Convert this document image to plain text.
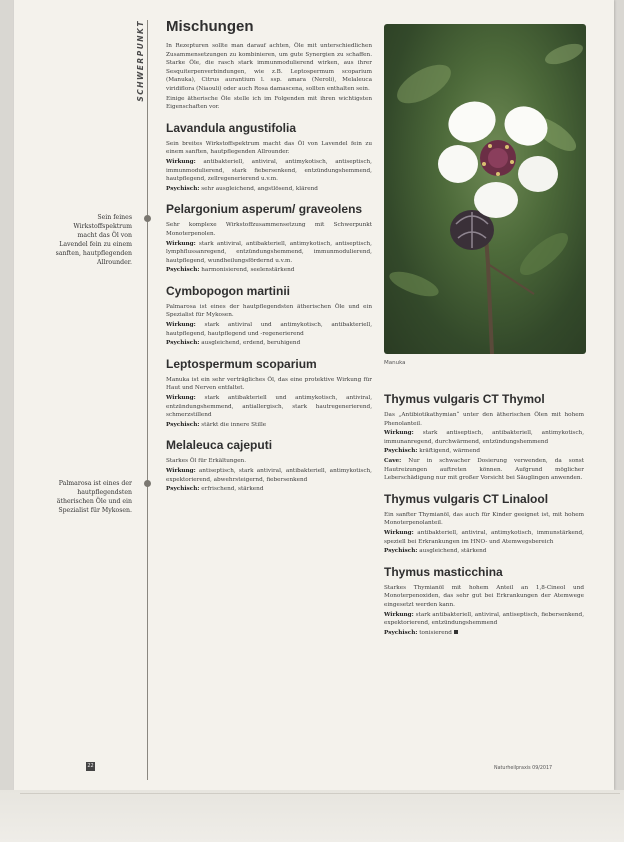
SCHWERPUNKT
Sein feines Wirkstoffspektrum macht das Öl von Lavendel fein zu einem sanften, hautpflegenden Allrounder.
Palmarosa ist eines der hautpflegendsten ätherischen Öle und ein Spezialist für Mykosen.
Mischungen

In Rezepturen sollte man darauf achten, Öle mit unterschiedlichen Zusammensetzungen zu kombinieren, um gute Synergien zu schaffen. Starke Öle, die rasch stark immunmodulierend wirken, aus ihrer Sesquiterpenverbindungen, wie z.B. Leptospermum scoparium (Manuka), Citrus aurantium l. ssp. amara (Neroli), Melaleuca viridiflora (Niaouli) oder auch Rosa damascena, sollten enthalten sein.

Einige ätherische Öle stelle ich im Folgenden mit ihren wichtigsten Eigenschaften vor.

Lavandula angustifolia

Sein breites Wirkstoffspektrum macht das Öl von Lavendel fein zu einem sanften, hautpflegenden Allrounder.

Wirkung: antibakteriell, antiviral, antimykotisch, antiseptisch, immunmodulierend, stark fiebersenkend, entzündungshemmend, hautpflegend, zellregenerierend u.v.m.

Psychisch: sehr ausgleichend, angstlösend, klärend

Pelargonium asperum/ graveolens

Sehr komplexe Wirkstoffzusammensetzung mit Schwerpunkt Monoterpenolen.

Wirkung: stark antiviral, antibakteriell, antimykotisch, antiseptisch, lymphflussanregend, entzündungshemmend, immunmodulierend, hautpflegend, wundheilungsfördernd u.v.m.

Psychisch: harmonisierend, seelenstärkend

Cymbopogon martinii

Palmarosa ist eines der hautpflegendsten ätherischen Öle und ein Spezialist für Mykosen.

Wirkung: stark antiviral und antimykotisch, antibakteriell, hautpflegend, hautpflegend und -regenerierend

Psychisch: ausgleichend, erdend, beruhigend

Leptospermum scoparium

Manuka ist ein sehr verträgliches Öl, das eine protektive Wirkung für Haut und Nerven entfaltet.

Wirkung: stark antibakteriell und antimykotisch, antiviral, entzündungshemmend, antiallergisch, stark hautregenerierend, schmerzstillend

Psychisch: stärkt die innere Stille

Melaleuca cajeputi

Starkes Öl für Erkältungen.

Wirkung: antiseptisch, stark antiviral, antibakteriell, antimykotisch, expektorierend, abwehrsteigernd, fiebersenkend

Psychisch: erfrischend, stärkend

Manuka
Thymus vulgaris CT Thymol

Das „Antibiotikathymian“ unter den ätherischen Ölen mit hohem Phenolanteil.

Wirkung: stark antiseptisch, antibakteriell, antimykotisch, immunanregend, durchwärmend, entzündungshemmend

Psychisch: kräftigend, wärmend

Cave: Nur in schwacher Dosierung verwenden, da sonst Hautreizungen auftreten können. Aufgrund möglicher Leberschädigung nur mit großer Vorsicht bei Säuglingen anwenden.

Thymus vulgaris CT Linalool

Ein sanfter Thymianöl, das auch für Kinder geeignet ist, mit hohem Monoterpenolanteil.

Wirkung: antibakteriell, antiviral, antimykotisch, immunstärkend, speziell bei Erkrankungen im HNO- und Atemwegsbereich

Psychisch: ausgleichend, stärkend

Thymus masticchina

Starkes Thymianöl mit hohem Anteil an 1,8-Cineol und Monoterpenoxiden, das sehr gut bei Erkrankungen der Atemwege eingesetzt werden kann.

Wirkung: stark antibakteriell, antiviral, antiseptisch, fiebersenkend, expektorierend, entzündungshemmend

Psychisch: tonisierend

22	Naturheilpraxis 09/2017
